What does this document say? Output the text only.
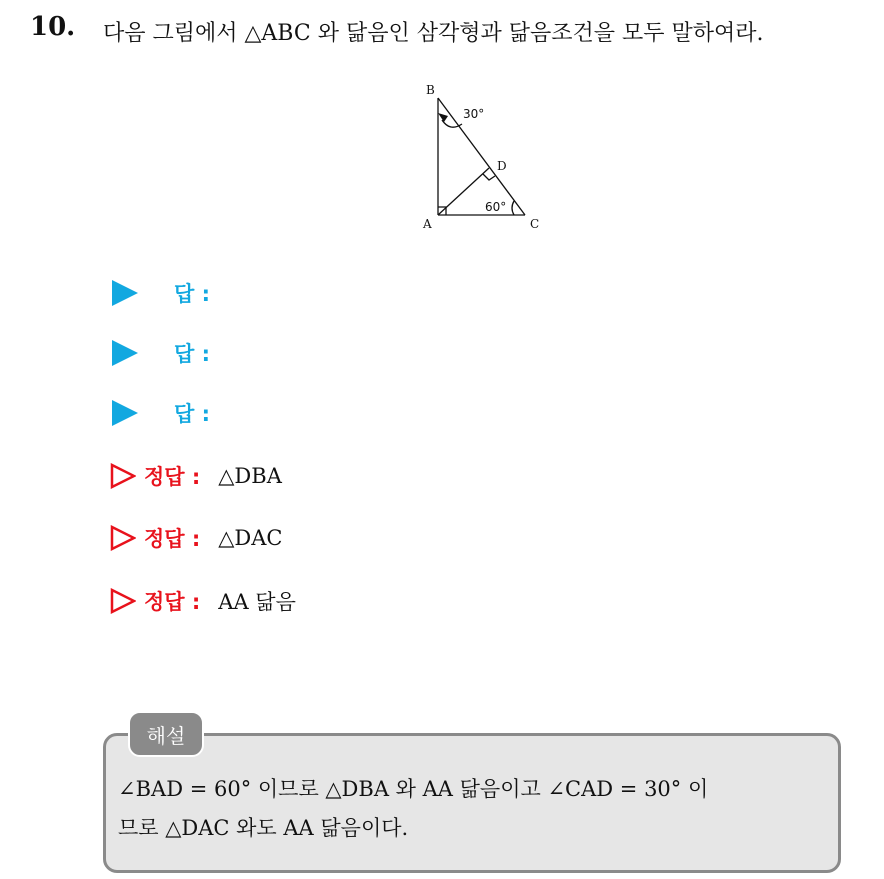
10. 다음 그림에서 △ABC 와 닮음인 삼각형과 닮음조건을 모두 말하여라.
B
A	C
D
30°
60°
답 :
답 :
답 :
정답 : △DBA
정답 : △DAC
정답 : AA 닮음
해설
∠BAD = 60° 이므로 △DBA 와 AA 닮음이고 ∠CAD = 30° 이
므로 △DAC 와도 AA 닮음이다.
